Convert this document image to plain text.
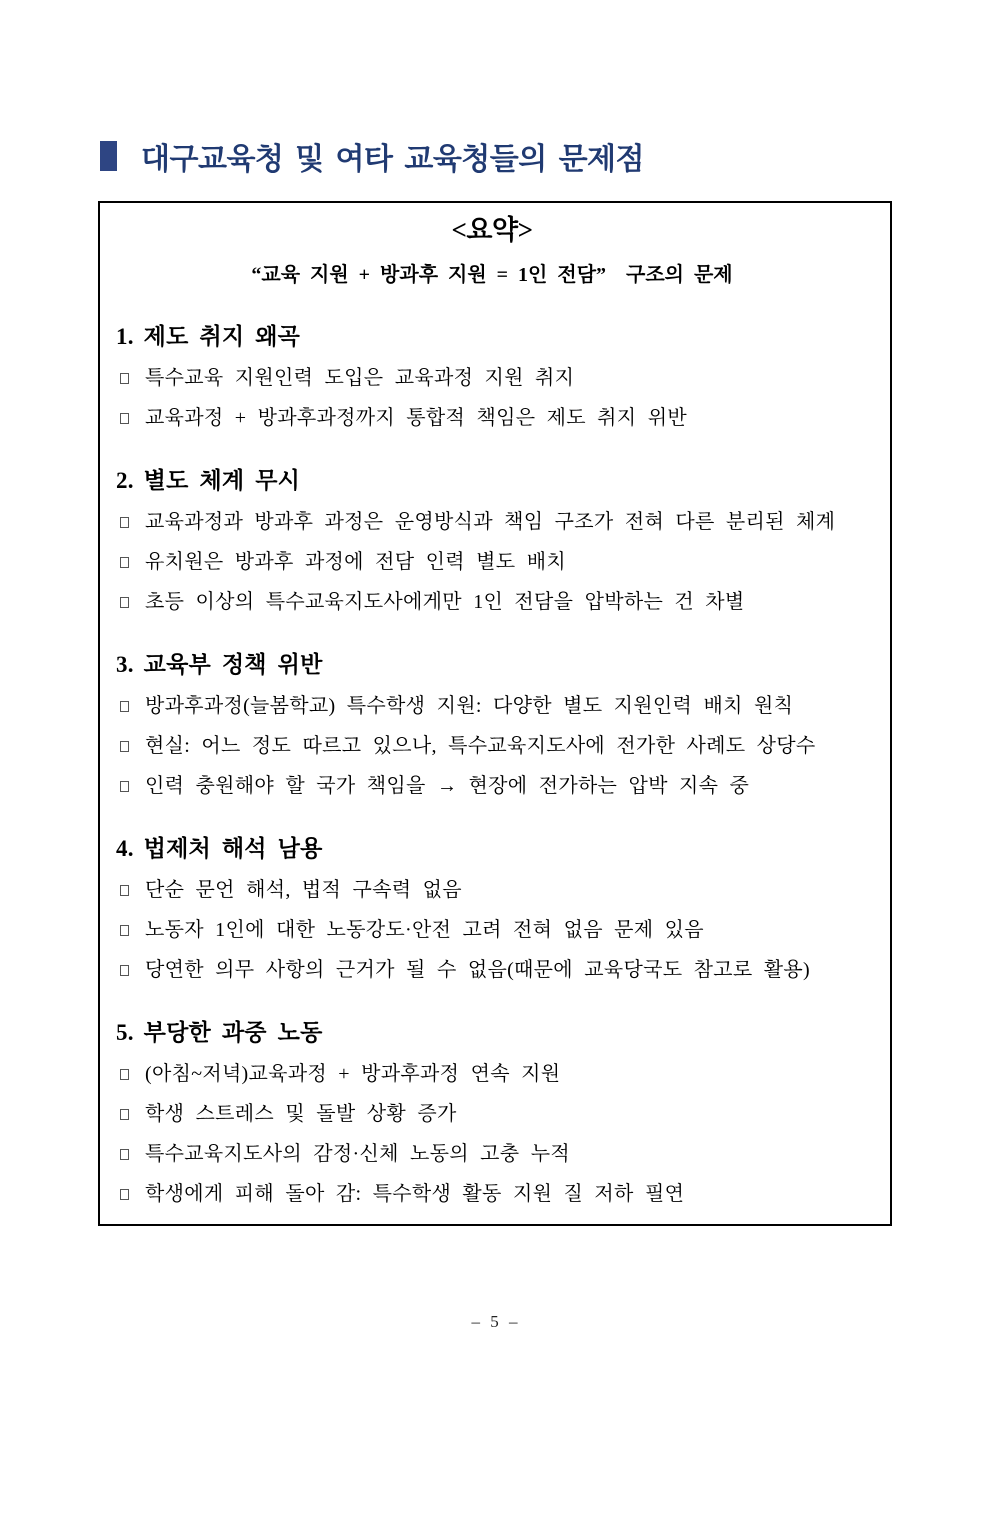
대구교육청 및 여타 교육청들의 문제점
<요약>
“교육 지원 + 방과후 지원 = 1인 전담”  구조의 문제
1. 제도 취지 왜곡
특수교육 지원인력 도입은 교육과정 지원 취지
교육과정 + 방과후과정까지 통합적 책임은 제도 취지 위반
2. 별도 체계 무시
교육과정과 방과후 과정은 운영방식과 책임 구조가 전혀 다른 분리된 체계
유치원은 방과후 과정에 전담 인력 별도 배치
초등 이상의 특수교육지도사에게만 1인 전담을 압박하는 건 차별
3. 교육부 정책 위반
방과후과정(늘봄학교) 특수학생 지원: 다양한 별도 지원인력 배치 원칙
현실: 어느 정도 따르고 있으나, 특수교육지도사에 전가한 사례도 상당수
인력 충원해야 할 국가 책임을 → 현장에 전가하는 압박 지속 중
4. 법제처 해석 남용
단순 문언 해석, 법적 구속력 없음
노동자 1인에 대한 노동강도·안전 고려 전혀 없음 문제 있음
당연한 의무 사항의 근거가 될 수 없음(때문에 교육당국도 참고로 활용)
5. 부당한 과중 노동
(아침~저녁)교육과정 + 방과후과정 연속 지원
학생 스트레스 및 돌발 상황 증가
특수교육지도사의 감정·신체 노동의 고충 누적
학생에게 피해 돌아 감: 특수학생 활동 지원 질 저하 필연
– 5 –
